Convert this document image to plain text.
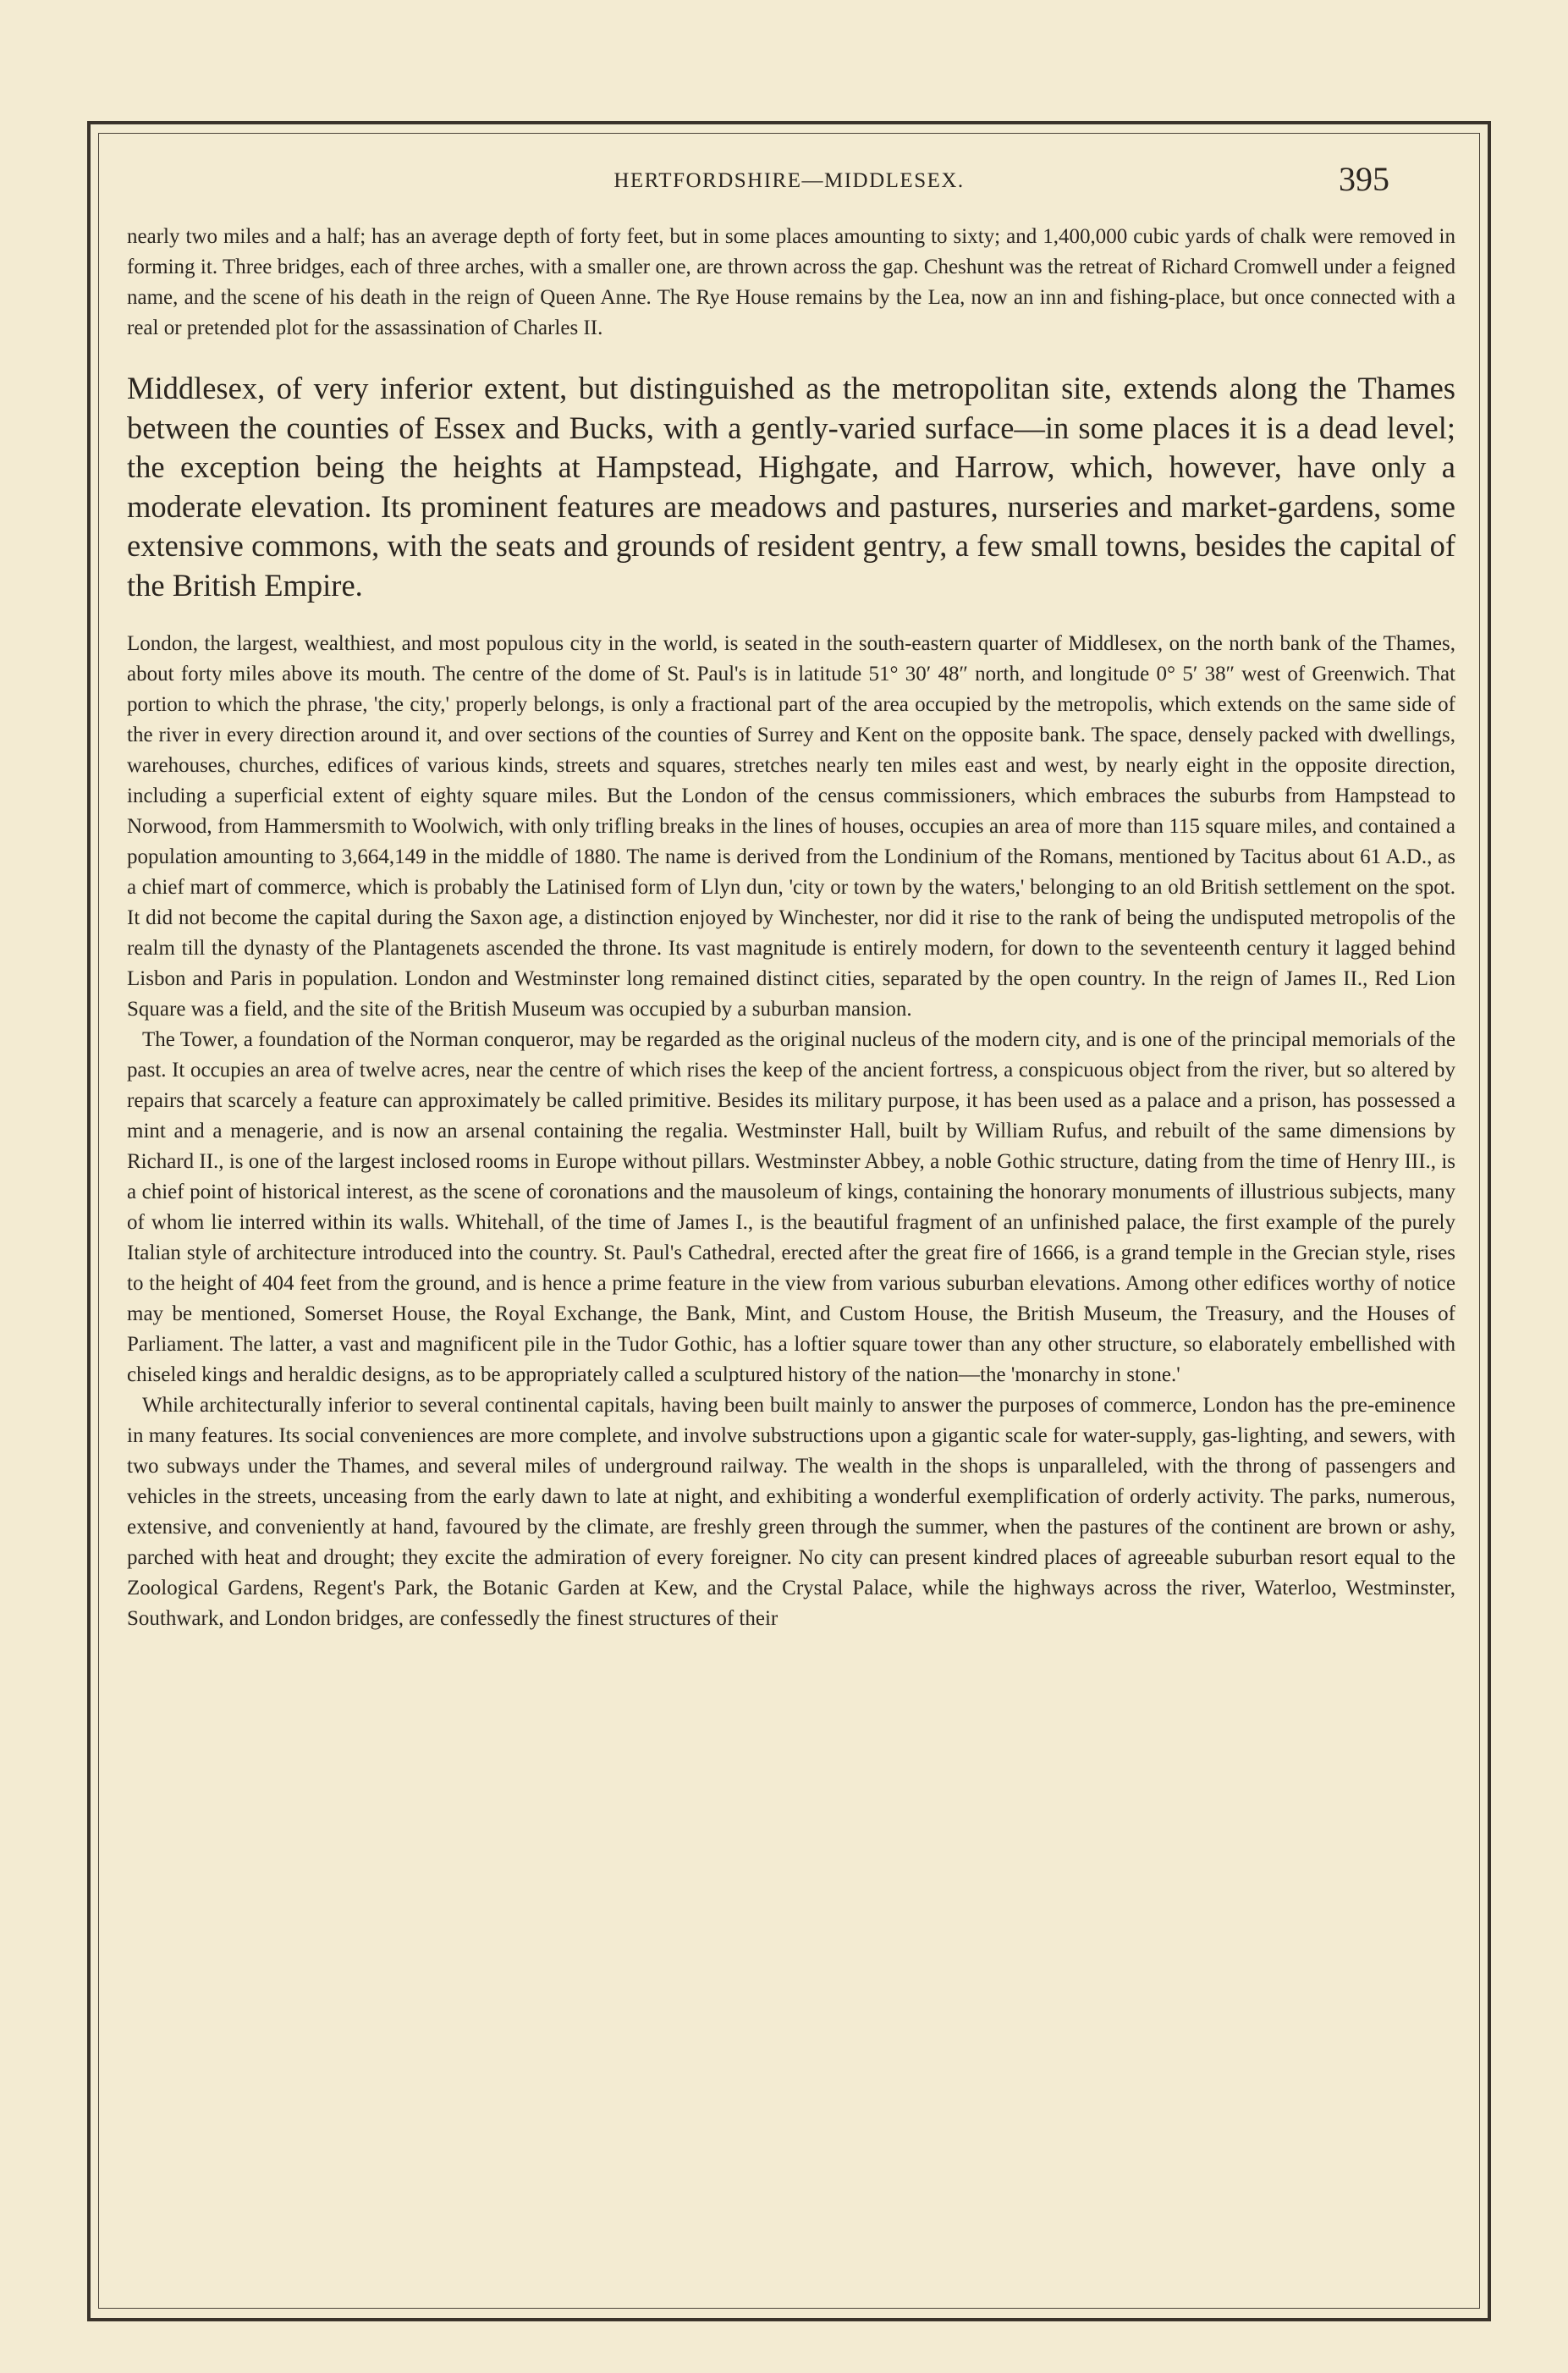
HERTFORDSHIRE—MIDDLESEX.	395

nearly two miles and a half; has an average depth of forty feet, but in some places amounting to sixty; and 1,400,000 cubic yards of chalk were removed in forming it. Three bridges, each of three arches, with a smaller one, are thrown across the gap. Cheshunt was the retreat of Richard Cromwell under a feigned name, and the scene of his death in the reign of Queen Anne. The Rye House remains by the Lea, now an inn and fishing-place, but once connected with a real or pretended plot for the assassination of Charles II.

Middlesex, of very inferior extent, but distinguished as the metropolitan site, extends along the Thames between the counties of Essex and Bucks, with a gently-varied surface—in some places it is a dead level; the exception being the heights at Hampstead, Highgate, and Harrow, which, however, have only a moderate elevation. Its prominent features are meadows and pastures, nurseries and market-gardens, some extensive commons, with the seats and grounds of resident gentry, a few small towns, besides the capital of the British Empire.

London, the largest, wealthiest, and most populous city in the world, is seated in the south-eastern quarter of Middlesex, on the north bank of the Thames, about forty miles above its mouth. The centre of the dome of St. Paul's is in latitude 51° 30′ 48″ north, and longitude 0° 5′ 38″ west of Greenwich. That portion to which the phrase, 'the city,' properly belongs, is only a fractional part of the area occupied by the metropolis, which extends on the same side of the river in every direction around it, and over sections of the counties of Surrey and Kent on the opposite bank. The space, densely packed with dwellings, warehouses, churches, edifices of various kinds, streets and squares, stretches nearly ten miles east and west, by nearly eight in the opposite direction, including a superficial extent of eighty square miles. But the London of the census commissioners, which embraces the suburbs from Hampstead to Norwood, from Hammersmith to Woolwich, with only trifling breaks in the lines of houses, occupies an area of more than 115 square miles, and contained a population amounting to 3,664,149 in the middle of 1880. The name is derived from the Londinium of the Romans, mentioned by Tacitus about 61 A.D., as a chief mart of commerce, which is probably the Latinised form of Llyn dun, 'city or town by the waters,' belonging to an old British settlement on the spot. It did not become the capital during the Saxon age, a distinction enjoyed by Winchester, nor did it rise to the rank of being the undisputed metropolis of the realm till the dynasty of the Plantagenets ascended the throne. Its vast magnitude is entirely modern, for down to the seventeenth century it lagged behind Lisbon and Paris in population. London and Westminster long remained distinct cities, separated by the open country. In the reign of James II., Red Lion Square was a field, and the site of the British Museum was occupied by a suburban mansion.

The Tower, a foundation of the Norman conqueror, may be regarded as the original nucleus of the modern city, and is one of the principal memorials of the past. It occupies an area of twelve acres, near the centre of which rises the keep of the ancient fortress, a conspicuous object from the river, but so altered by repairs that scarcely a feature can approximately be called primitive. Besides its military purpose, it has been used as a palace and a prison, has possessed a mint and a menagerie, and is now an arsenal containing the regalia. Westminster Hall, built by William Rufus, and rebuilt of the same dimensions by Richard II., is one of the largest inclosed rooms in Europe without pillars. Westminster Abbey, a noble Gothic structure, dating from the time of Henry III., is a chief point of historical interest, as the scene of coronations and the mausoleum of kings, containing the honorary monuments of illustrious subjects, many of whom lie interred within its walls. Whitehall, of the time of James I., is the beautiful fragment of an unfinished palace, the first example of the purely Italian style of architecture introduced into the country. St. Paul's Cathedral, erected after the great fire of 1666, is a grand temple in the Grecian style, rises to the height of 404 feet from the ground, and is hence a prime feature in the view from various suburban elevations. Among other edifices worthy of notice may be mentioned, Somerset House, the Royal Exchange, the Bank, Mint, and Custom House, the British Museum, the Treasury, and the Houses of Parliament. The latter, a vast and magnificent pile in the Tudor Gothic, has a loftier square tower than any other structure, so elaborately embellished with chiseled kings and heraldic designs, as to be appropriately called a sculptured history of the nation—the 'monarchy in stone.'

While architecturally inferior to several continental capitals, having been built mainly to answer the purposes of commerce, London has the pre-eminence in many features. Its social conveniences are more complete, and involve substructions upon a gigantic scale for water-supply, gas-lighting, and sewers, with two subways under the Thames, and several miles of underground railway. The wealth in the shops is unparalleled, with the throng of passengers and vehicles in the streets, unceasing from the early dawn to late at night, and exhibiting a wonderful exemplification of orderly activity. The parks, numerous, extensive, and conveniently at hand, favoured by the climate, are freshly green through the summer, when the pastures of the continent are brown or ashy, parched with heat and drought; they excite the admiration of every foreigner. No city can present kindred places of agreeable suburban resort equal to the Zoological Gardens, Regent's Park, the Botanic Garden at Kew, and the Crystal Palace, while the highways across the river, Waterloo, Westminster, Southwark, and London bridges, are confessedly the finest structures of their
